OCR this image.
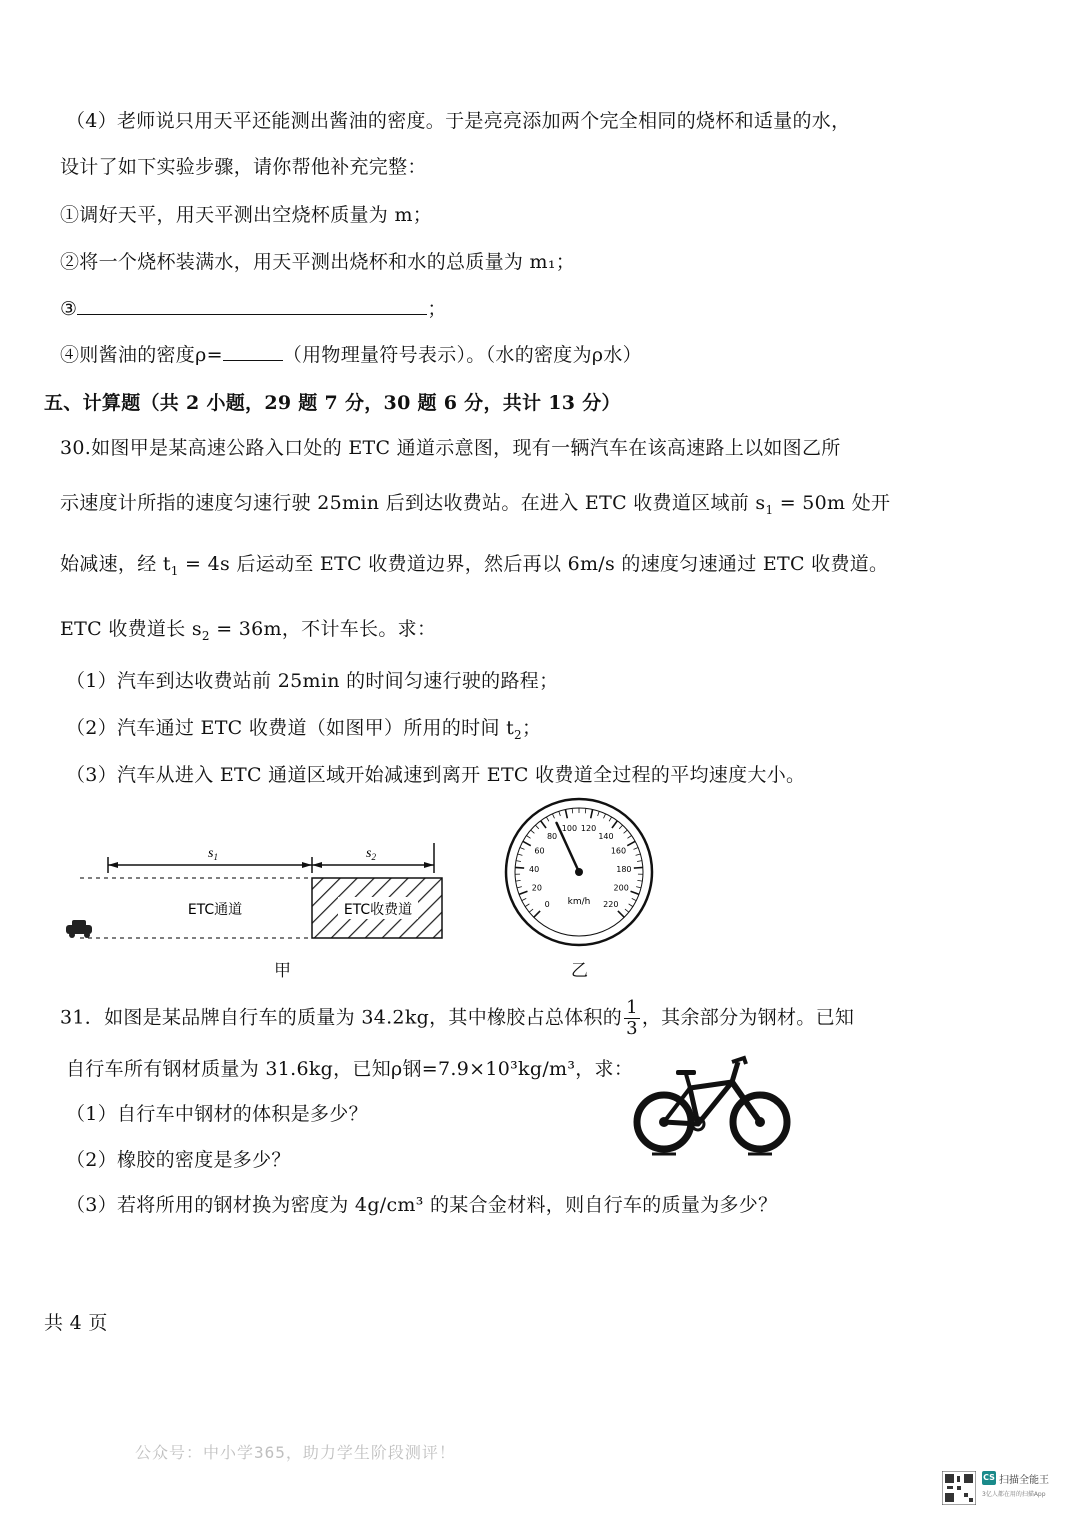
（4）老师说只用天平还能测出酱油的密度。于是亮亮添加两个完全相同的烧杯和适量的水，
设计了如下实验步骤，请你帮他补充完整：
①调好天平，用天平测出空烧杯质量为 m；
②将一个烧杯装满水，用天平测出烧杯和水的总质量为 m₁；
③	；
④则酱油的密度ρ=	（用物理量符号表示）。（水的密度为ρ水）
五、计算题（共 2 小题，29 题 7 分，30 题 6 分，共计 13 分）
30.如图甲是某高速公路入口处的 ETC 通道示意图，现有一辆汽车在该高速路上以如图乙所
示速度计所指的速度匀速行驶 25min 后到达收费站。在进入 ETC 收费道区域前 $s_1 = 50m$ 处开
始减速，经 $t_1 = 4s$ 后运动至 ETC 收费道边界，然后再以 6m/s 的速度匀速通过 ETC 收费道。
ETC 收费道长 $s_2 = 36m$，不计车长。求：
（1）汽车到达收费站前 25min 的时间匀速行驶的路程；
（2）汽车通过 ETC 收费道（如图甲）所用的时间 $t_2$；
（3）汽车从进入 ETC 通道区域开始减速到离开 ETC 收费道全过程的平均速度大小。
$s_1$	$s_2$
ETC收费道
ETC通道
甲
0
20
40
60
80
100 120
140
160
180
200
220
km/h
乙
31．如图是某品牌自行车的质量为 34.2kg，其中橡胶占总体积的 $\frac{1}{3}$ ，其余部分为钢材。已知
自行车所有钢材质量为 31.6kg，已知ρ钢=7.9×10³kg/m³，求：
（1）自行车中钢材的体积是多少？
（2）橡胶的密度是多少？
（3）若将所用的钢材换为密度为 4g/cm³ 的某合金材料，则自行车的质量为多少？
共 4 页
公众号：中小学365，助力学生阶段测评！
CS 扫描全能王
3亿人都在用的扫描App
